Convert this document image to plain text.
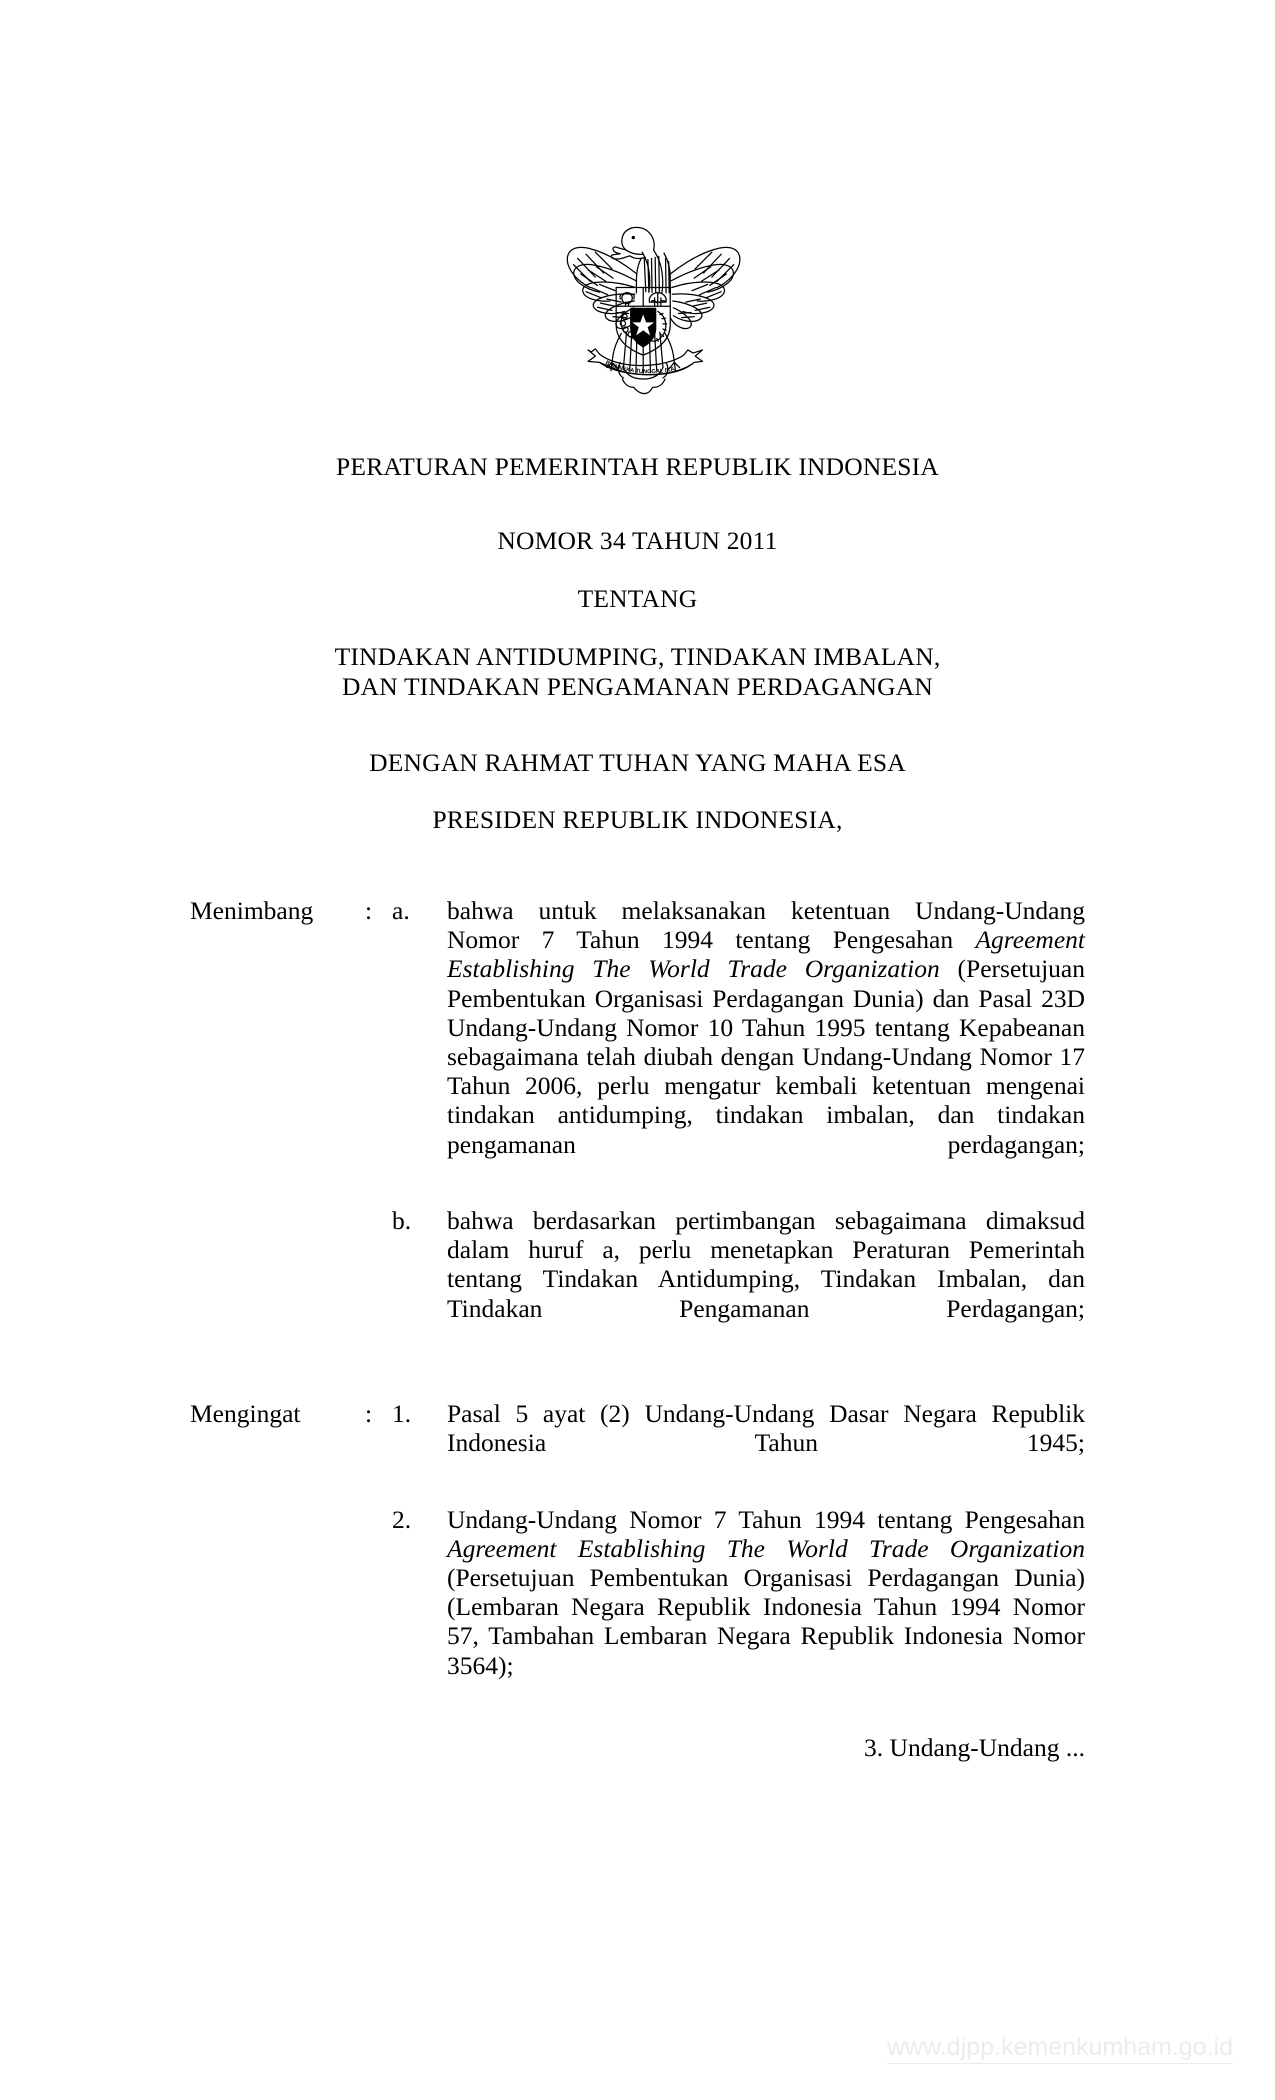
BHINNEKA TUNGGAL IKA
PERATURAN PEMERINTAH REPUBLIK INDONESIA
NOMOR 34 TAHUN 2011
TENTANG
TINDAKAN ANTIDUMPING, TINDAKAN IMBALAN,
DAN TINDAKAN PENGAMANAN PERDAGANGAN
DENGAN RAHMAT TUHAN YANG MAHA ESA
PRESIDEN REPUBLIK INDONESIA,
Menimbang	: a.	bahwa untuk melaksanakan ketentuan Undang-Undang Nomor 7 Tahun 1994 tentang Pengesahan Agreement Establishing The World Trade Organization (Persetujuan Pembentukan Organisasi Perdagangan Dunia) dan Pasal 23D Undang-Undang Nomor 10 Tahun 1995 tentang Kepabeanan sebagaimana telah diubah dengan Undang-Undang Nomor 17 Tahun 2006, perlu mengatur kembali ketentuan mengenai tindakan antidumping, tindakan imbalan, dan tindakan pengamanan perdagangan;
b.	bahwa berdasarkan pertimbangan sebagaimana dimaksud dalam huruf a, perlu menetapkan Peraturan Pemerintah tentang Tindakan Antidumping, Tindakan Imbalan, dan Tindakan Pengamanan Perdagangan;
Mengingat	: 1.	Pasal 5 ayat (2) Undang-Undang Dasar Negara Republik Indonesia Tahun 1945;
2.	Undang-Undang Nomor 7 Tahun 1994 tentang Pengesahan Agreement Establishing The World Trade Organization (Persetujuan Pembentukan Organisasi Perdagangan Dunia) (Lembaran Negara Republik Indonesia Tahun 1994 Nomor 57, Tambahan Lembaran Negara Republik Indonesia Nomor 3564);
3. Undang-Undang ...
www.djpp.kemenkumham.go.id
